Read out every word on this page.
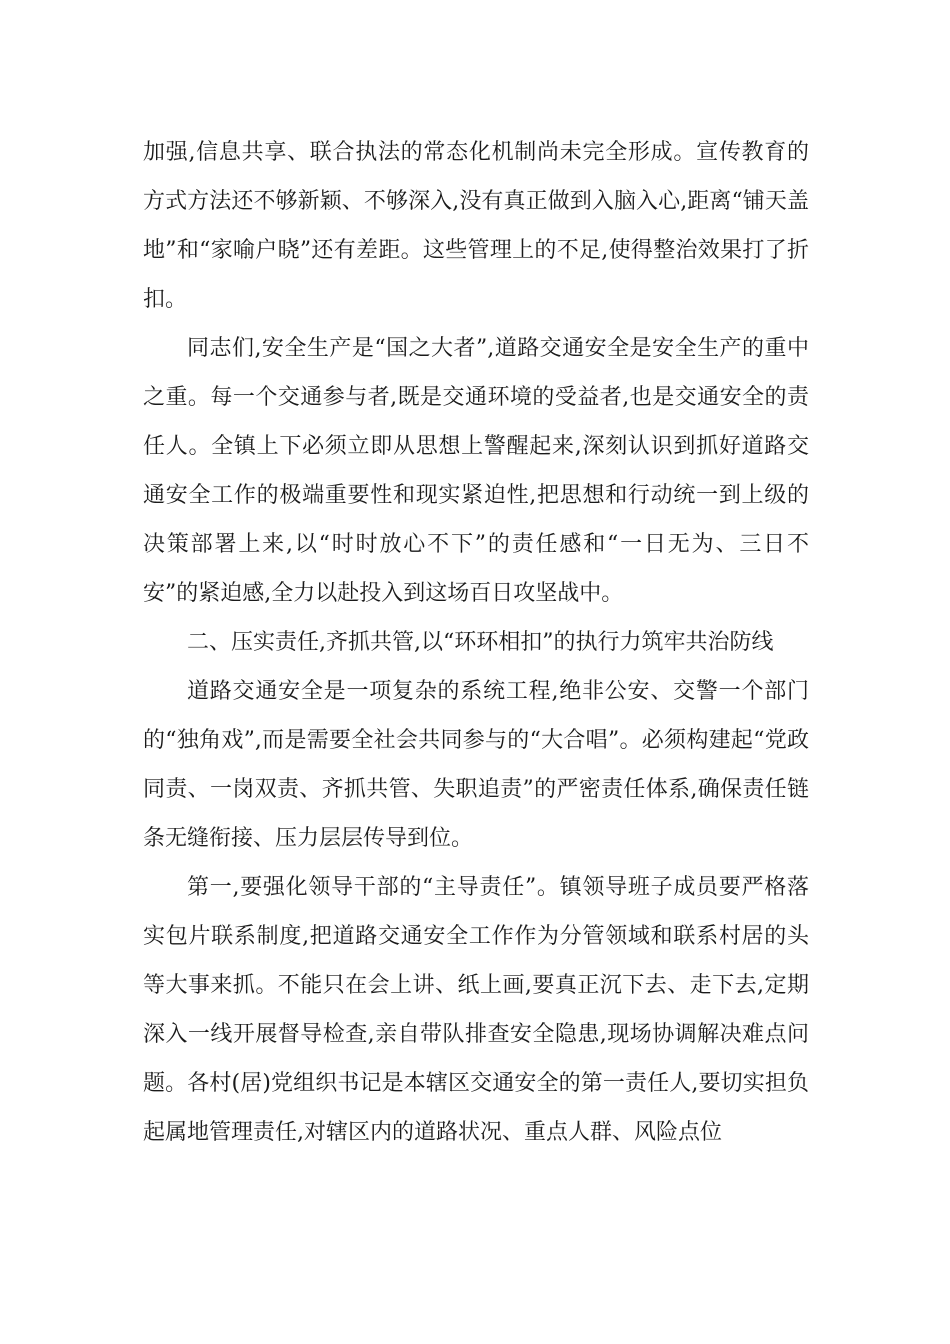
加强,信息共享、联合执法的常态化机制尚未完全形成。宣传教育的方式方法还不够新颖、不够深入,没有真正做到入脑入心,距离“铺天盖地”和“家喻户晓”还有差距。这些管理上的不足,使得整治效果打了折扣。

同志们,安全生产是“国之大者”,道路交通安全是安全生产的重中之重。每一个交通参与者,既是交通环境的受益者,也是交通安全的责任人。全镇上下必须立即从思想上警醒起来,深刻认识到抓好道路交通安全工作的极端重要性和现实紧迫性,把思想和行动统一到上级的决策部署上来,以“时时放心不下”的责任感和“一日无为、三日不安”的紧迫感,全力以赴投入到这场百日攻坚战中。

二、压实责任,齐抓共管,以“环环相扣”的执行力筑牢共治防线

道路交通安全是一项复杂的系统工程,绝非公安、交警一个部门的“独角戏”,而是需要全社会共同参与的“大合唱”。必须构建起“党政同责、一岗双责、齐抓共管、失职追责”的严密责任体系,确保责任链条无缝衔接、压力层层传导到位。

第一,要强化领导干部的“主导责任”。镇领导班子成员要严格落实包片联系制度,把道路交通安全工作作为分管领域和联系村居的头等大事来抓。不能只在会上讲、纸上画,要真正沉下去、走下去,定期深入一线开展督导检查,亲自带队排查安全隐患,现场协调解决难点问题。各村(居)党组织书记是本辖区交通安全的第一责任人,要切实担负起属地管理责任,对辖区内的道路状况、重点人群、风险点位
